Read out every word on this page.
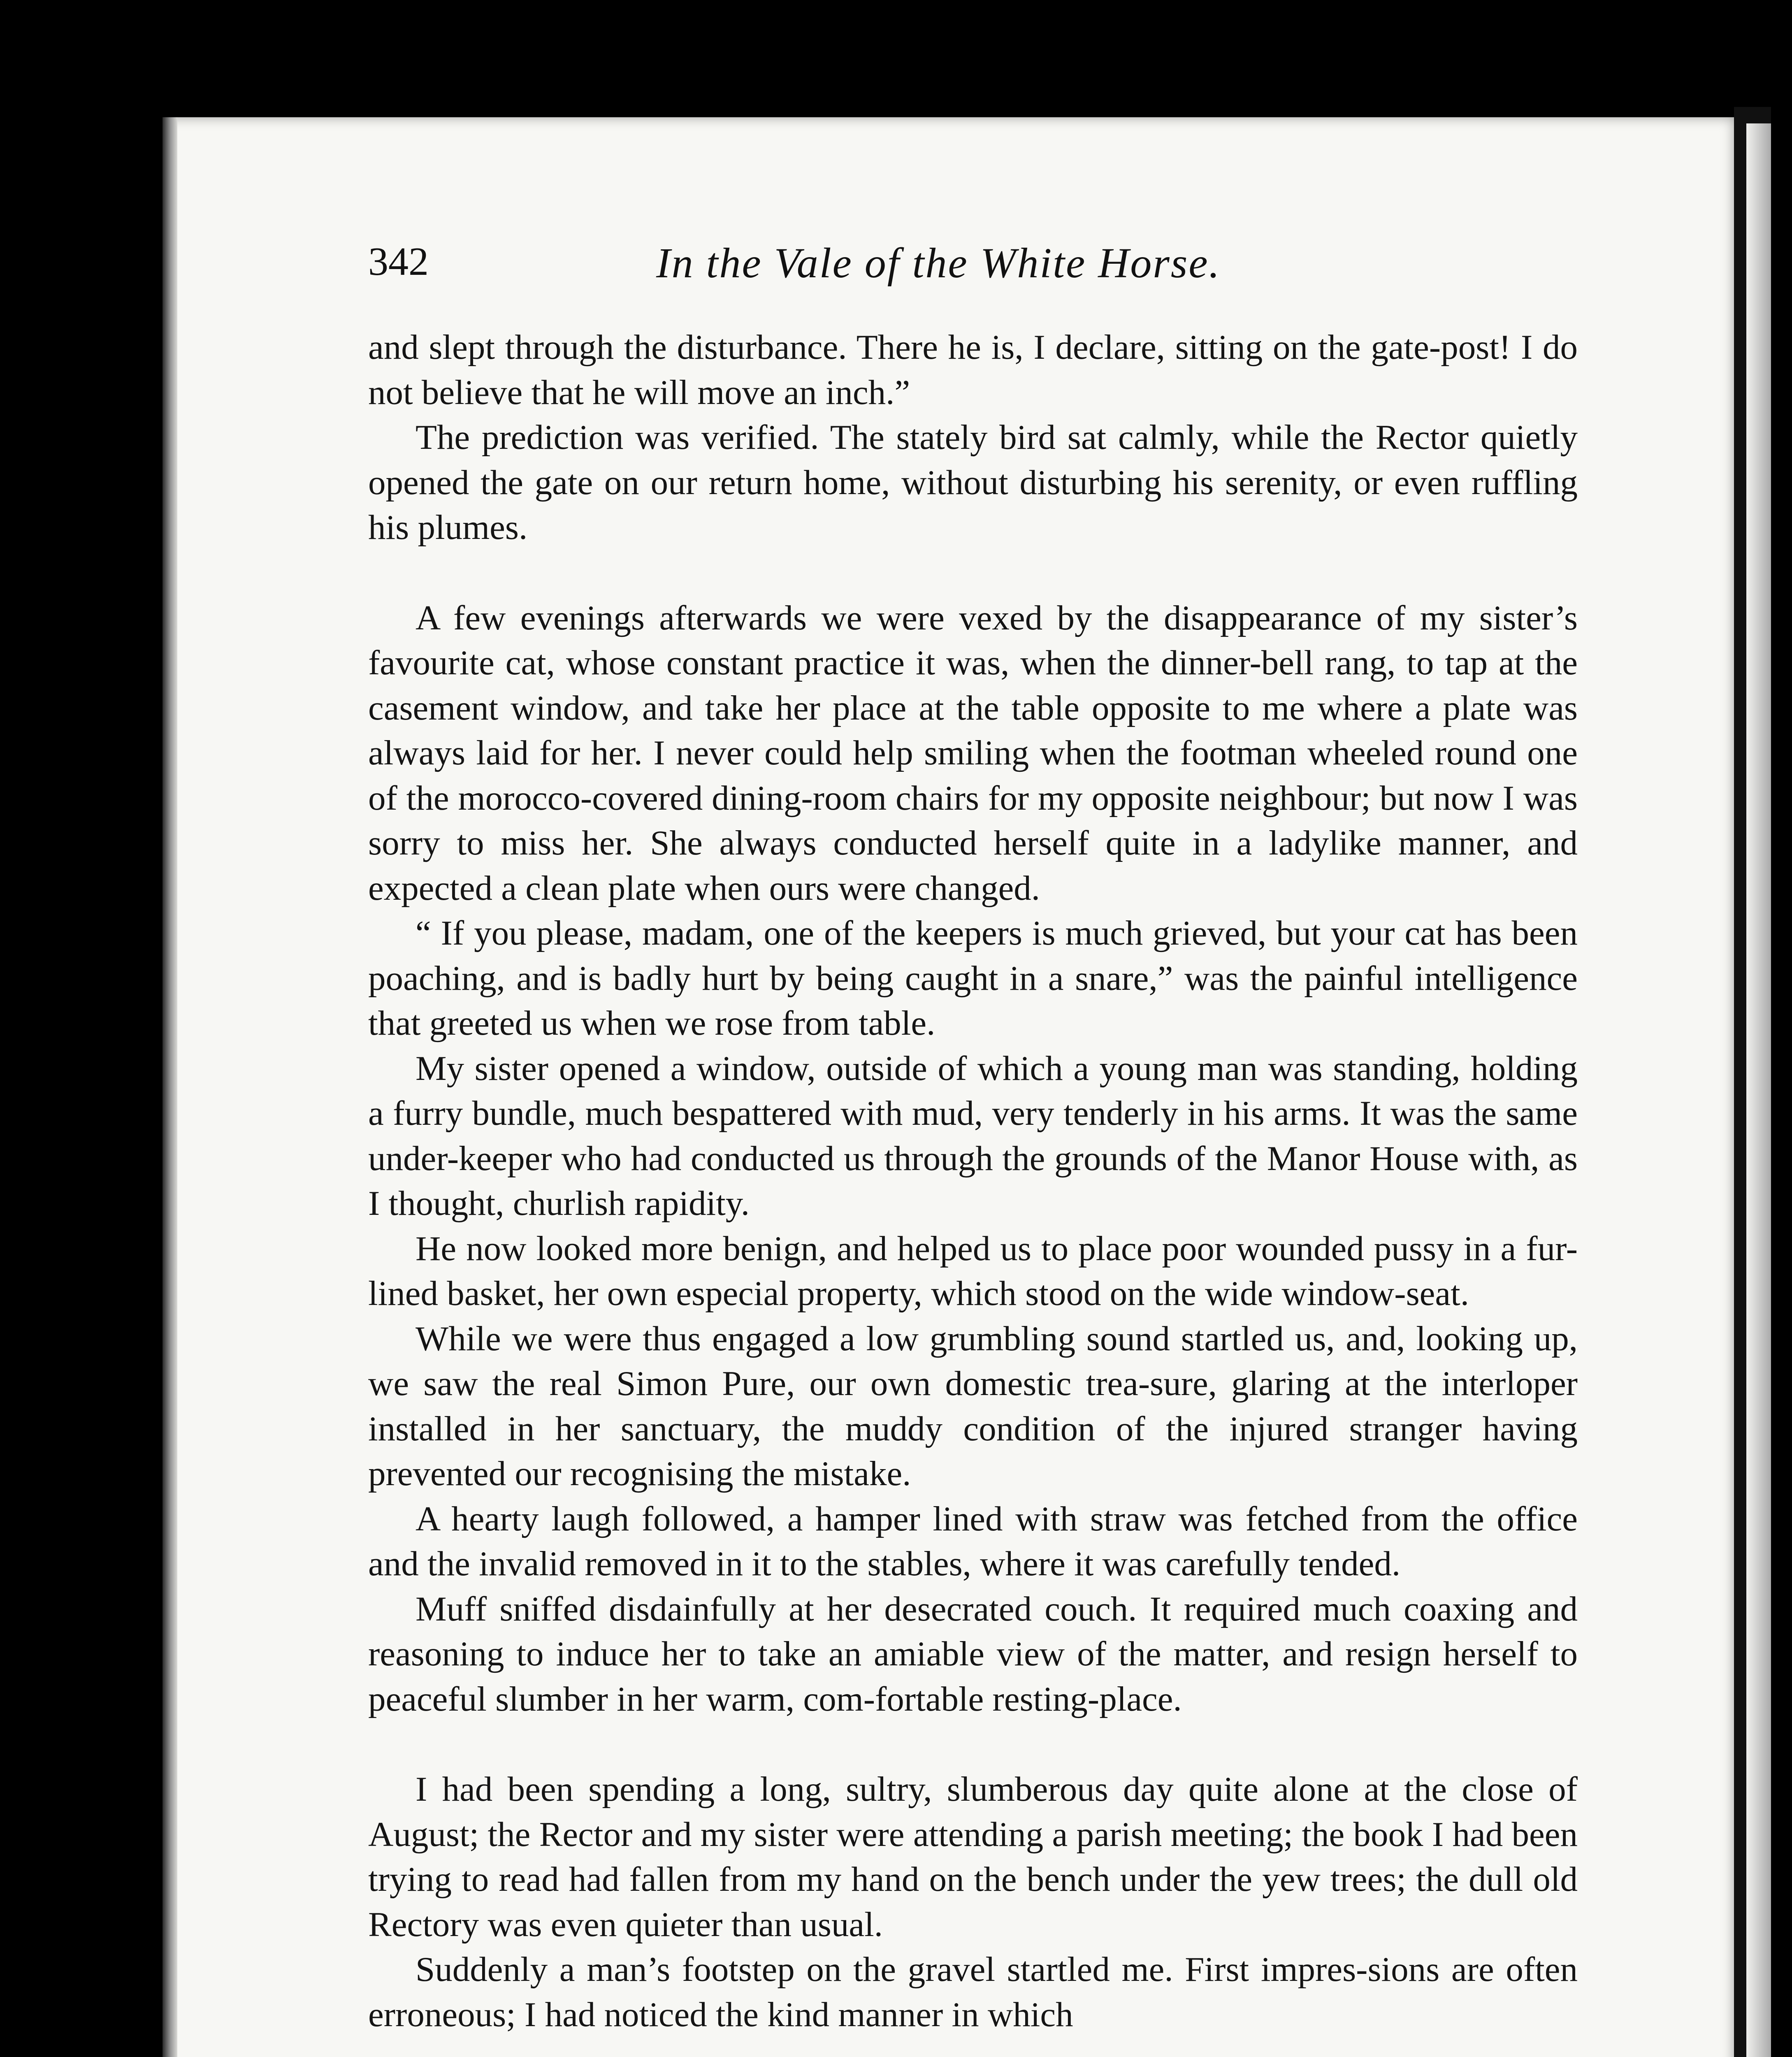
342	In the Vale of the White Horse.

and slept through the disturbance. There he is, I declare, sitting on the gate-post! I do not believe that he will move an inch.”

The prediction was verified. The stately bird sat calmly, while the Rector quietly opened the gate on our return home, without disturbing his serenity, or even ruffling his plumes.

A few evenings afterwards we were vexed by the disappearance of my sister’s favourite cat, whose constant practice it was, when the dinner-bell rang, to tap at the casement window, and take her place at the table opposite to me where a plate was always laid for her. I never could help smiling when the footman wheeled round one of the morocco-covered dining-room chairs for my opposite neighbour; but now I was sorry to miss her. She always conducted herself quite in a ladylike manner, and expected a clean plate when ours were changed.

“ If you please, madam, one of the keepers is much grieved, but your cat has been poaching, and is badly hurt by being caught in a snare,” was the painful intelligence that greeted us when we rose from table.

My sister opened a window, outside of which a young man was standing, holding a furry bundle, much bespattered with mud, very tenderly in his arms. It was the same under-keeper who had conducted us through the grounds of the Manor House with, as I thought, churlish rapidity.

He now looked more benign, and helped us to place poor wounded pussy in a fur-lined basket, her own especial property, which stood on the wide window-seat.

While we were thus engaged a low grumbling sound startled us, and, looking up, we saw the real Simon Pure, our own domestic trea-sure, glaring at the interloper installed in her sanctuary, the muddy condition of the injured stranger having prevented our recognising the mistake.

A hearty laugh followed, a hamper lined with straw was fetched from the office and the invalid removed in it to the stables, where it was carefully tended.

Muff sniffed disdainfully at her desecrated couch. It required much coaxing and reasoning to induce her to take an amiable view of the matter, and resign herself to peaceful slumber in her warm, com-fortable resting-place.

I had been spending a long, sultry, slumberous day quite alone at the close of August; the Rector and my sister were attending a parish meeting; the book I had been trying to read had fallen from my hand on the bench under the yew trees; the dull old Rectory was even quieter than usual.

Suddenly a man’s footstep on the gravel startled me. First impres-sions are often erroneous; I had noticed the kind manner in which
